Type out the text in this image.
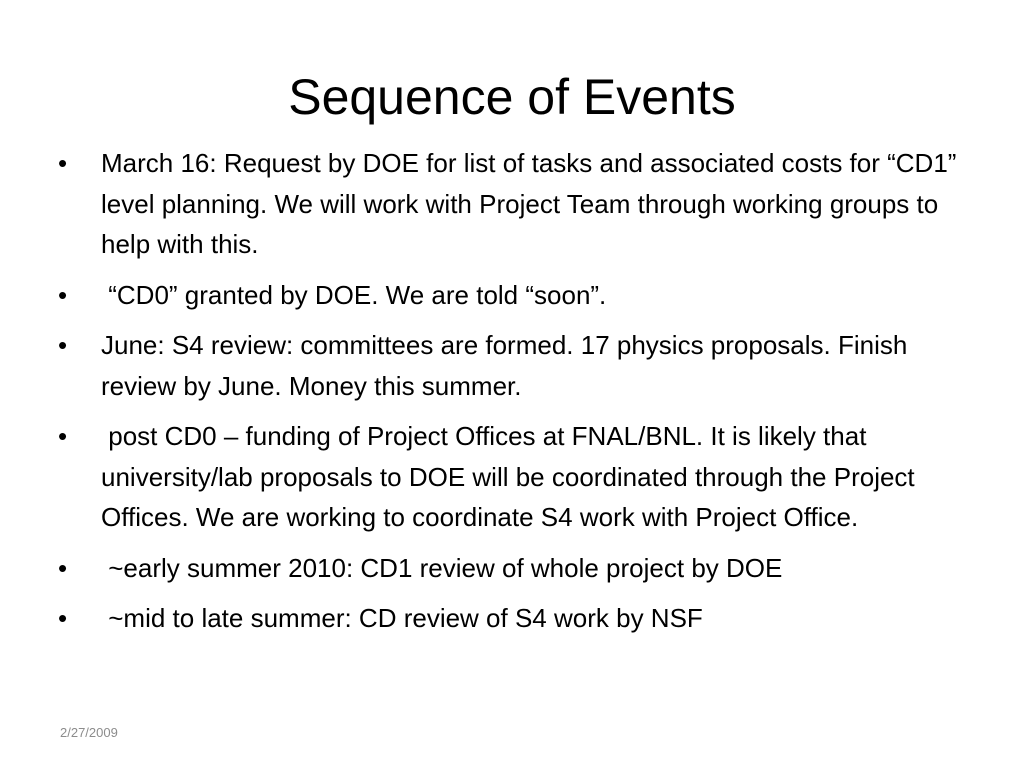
Sequence of Events
• March 16: Request by DOE for list of tasks and associated costs for “CD1” level planning. We will work with Project Team through working groups to help with this.
• “CD0” granted by DOE. We are told “soon”.
• June: S4 review: committees are formed. 17 physics proposals. Finish review by June. Money this summer.
• post CD0 – funding of Project Offices at FNAL/BNL. It is likely that university/lab proposals to DOE will be coordinated through the Project Offices. We are working to coordinate S4 work with Project Office.
• ~early summer 2010: CD1 review of whole project by DOE
• ~mid to late summer: CD review of S4 work by NSF
2/27/2009
